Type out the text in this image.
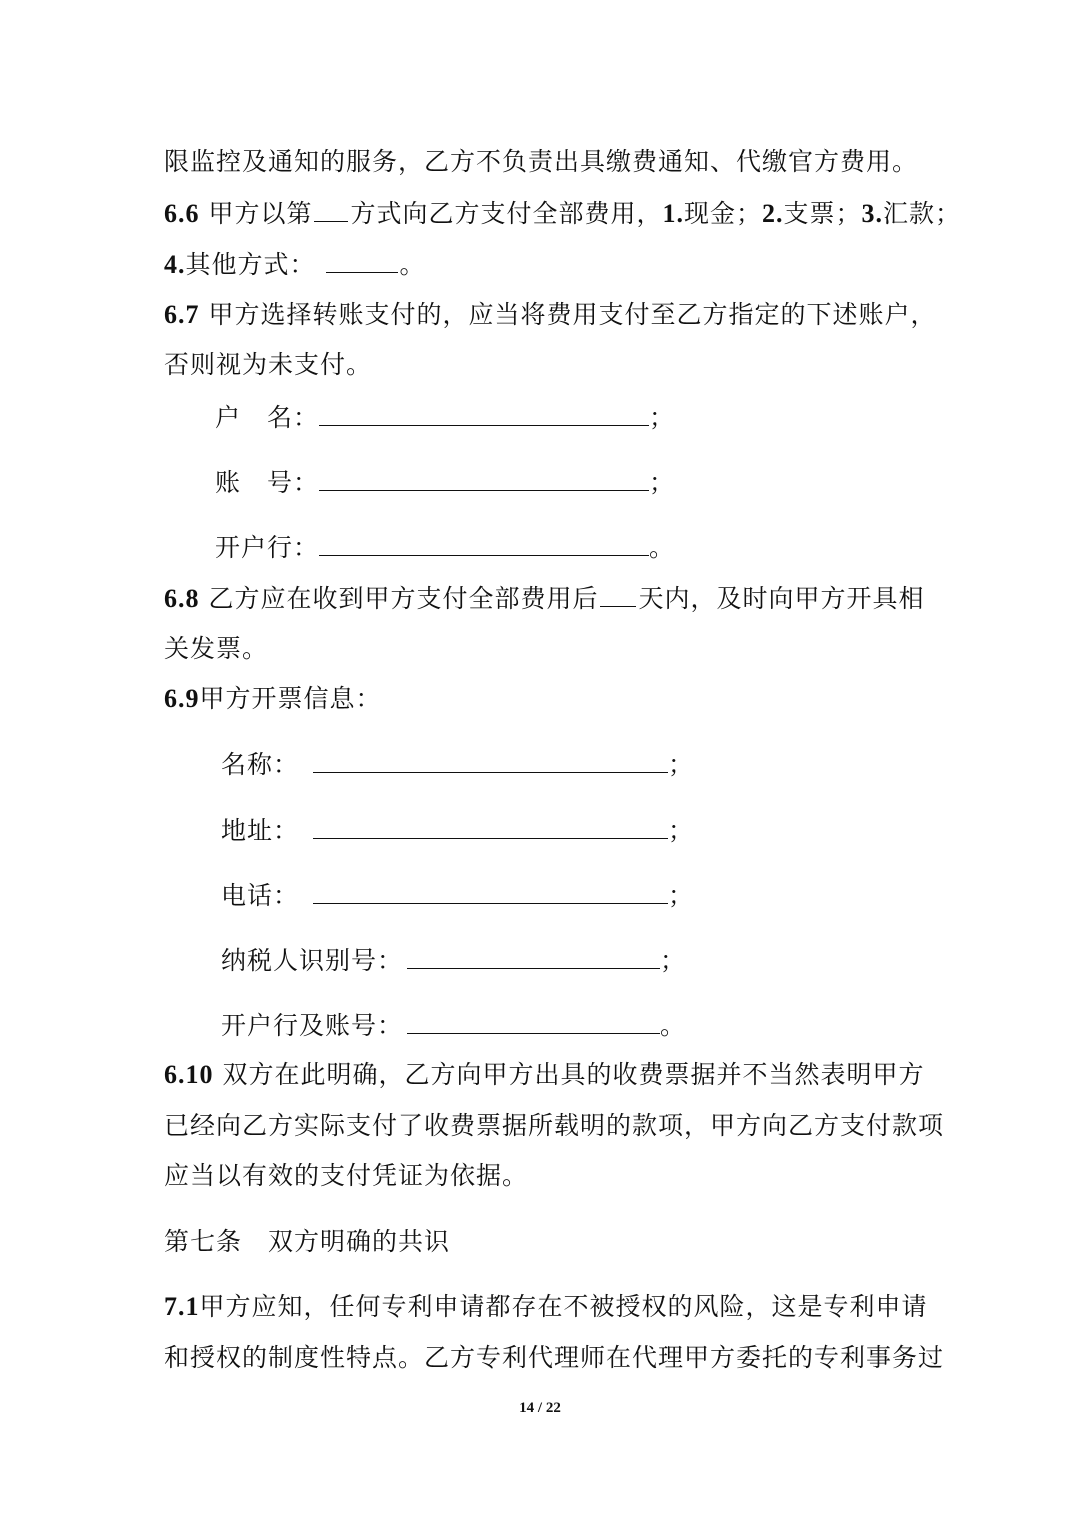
限监控及通知的服务，乙方不负责出具缴费通知、代缴官方费用。
6.6 甲方以第 方式向乙方支付全部费用，1.现金；2.支票；3.汇款；
4.其他方式：	。
6.7 甲方选择转账支付的，应当将费用支付至乙方指定的下述账户，
否则视为未支付。
户　名：	；
账　号：	；
开户行：	。
6.8 乙方应在收到甲方支付全部费用后 天内，及时向甲方开具相
关发票。
6.9甲方开票信息：
名称：	；
地址：	；
电话：	；
纳税人识别号：	；
开户行及账号：	。
6.10 双方在此明确，乙方向甲方出具的收费票据并不当然表明甲方
已经向乙方实际支付了收费票据所载明的款项，甲方向乙方支付款项
应当以有效的支付凭证为依据。
第七条　双方明确的共识
7.1甲方应知，任何专利申请都存在不被授权的风险，这是专利申请
和授权的制度性特点。乙方专利代理师在代理甲方委托的专利事务过
14 / 22
